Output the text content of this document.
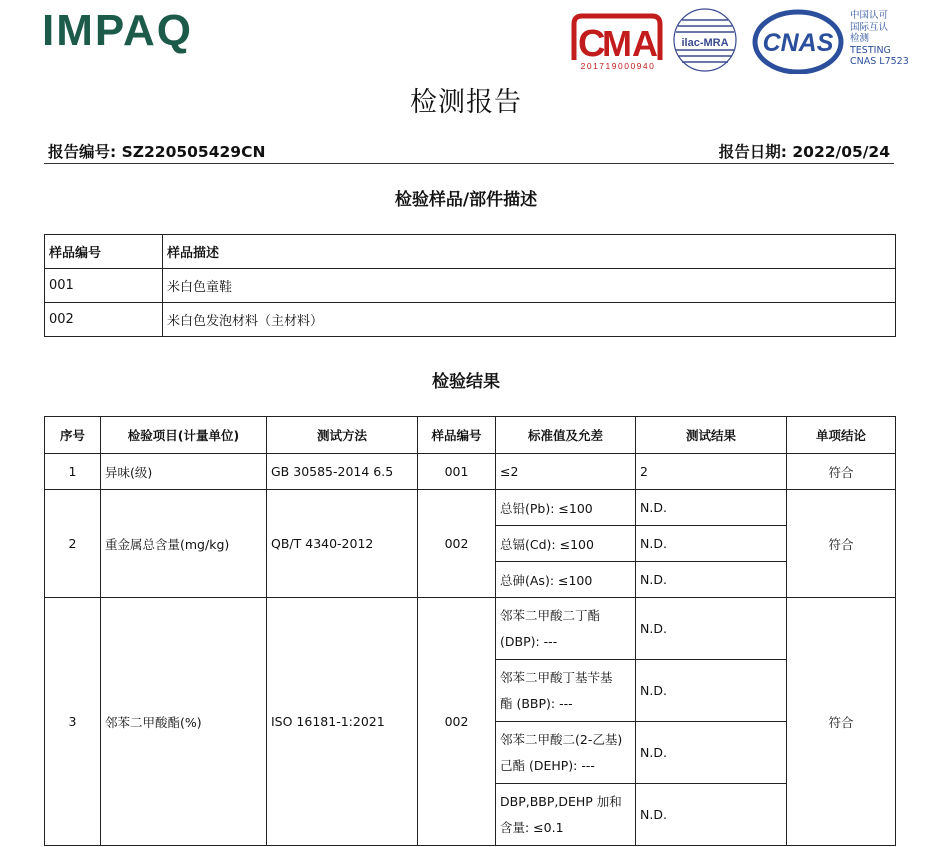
IMPAQ	C
MA
201719000940
ilac-MRA CNAS
中国认可
国际互认
检测
TESTING
CNAS L7523
检测报告
报告编号: SZ220505429CN	报告日期: 2022/05/24
检验样品/部件描述
样品编号	样品描述
001	米白色童鞋
002	米白色发泡材料（主材料）
检验结果
序号	检验项目(计量单位)	测试方法	样品编号	标准值及允差	测试结果	单项结论
1	异味(级)	GB 30585-2014 6.5	001	≤2	2	符合
2	重金属总含量(mg/kg)	QB/T 4340-2012	002	总铅(Pb): ≤100	N.D.	符合
				总镉(Cd): ≤100	N.D.	
				总砷(As): ≤100	N.D.	
3	邻苯二甲酸酯(%)	ISO 16181-1:2021	002	邻苯二甲酸二丁酯
(DBP): ---	N.D.	符合

				邻苯二甲酸丁基苄基
酯 (BBP): ---	N.D.	

				邻苯二甲酸二(2-乙基)
己酯 (DEHP): ---	N.D.	

				DBP,BBP,DEHP 加和
含量: ≤0.1	N.D.	
